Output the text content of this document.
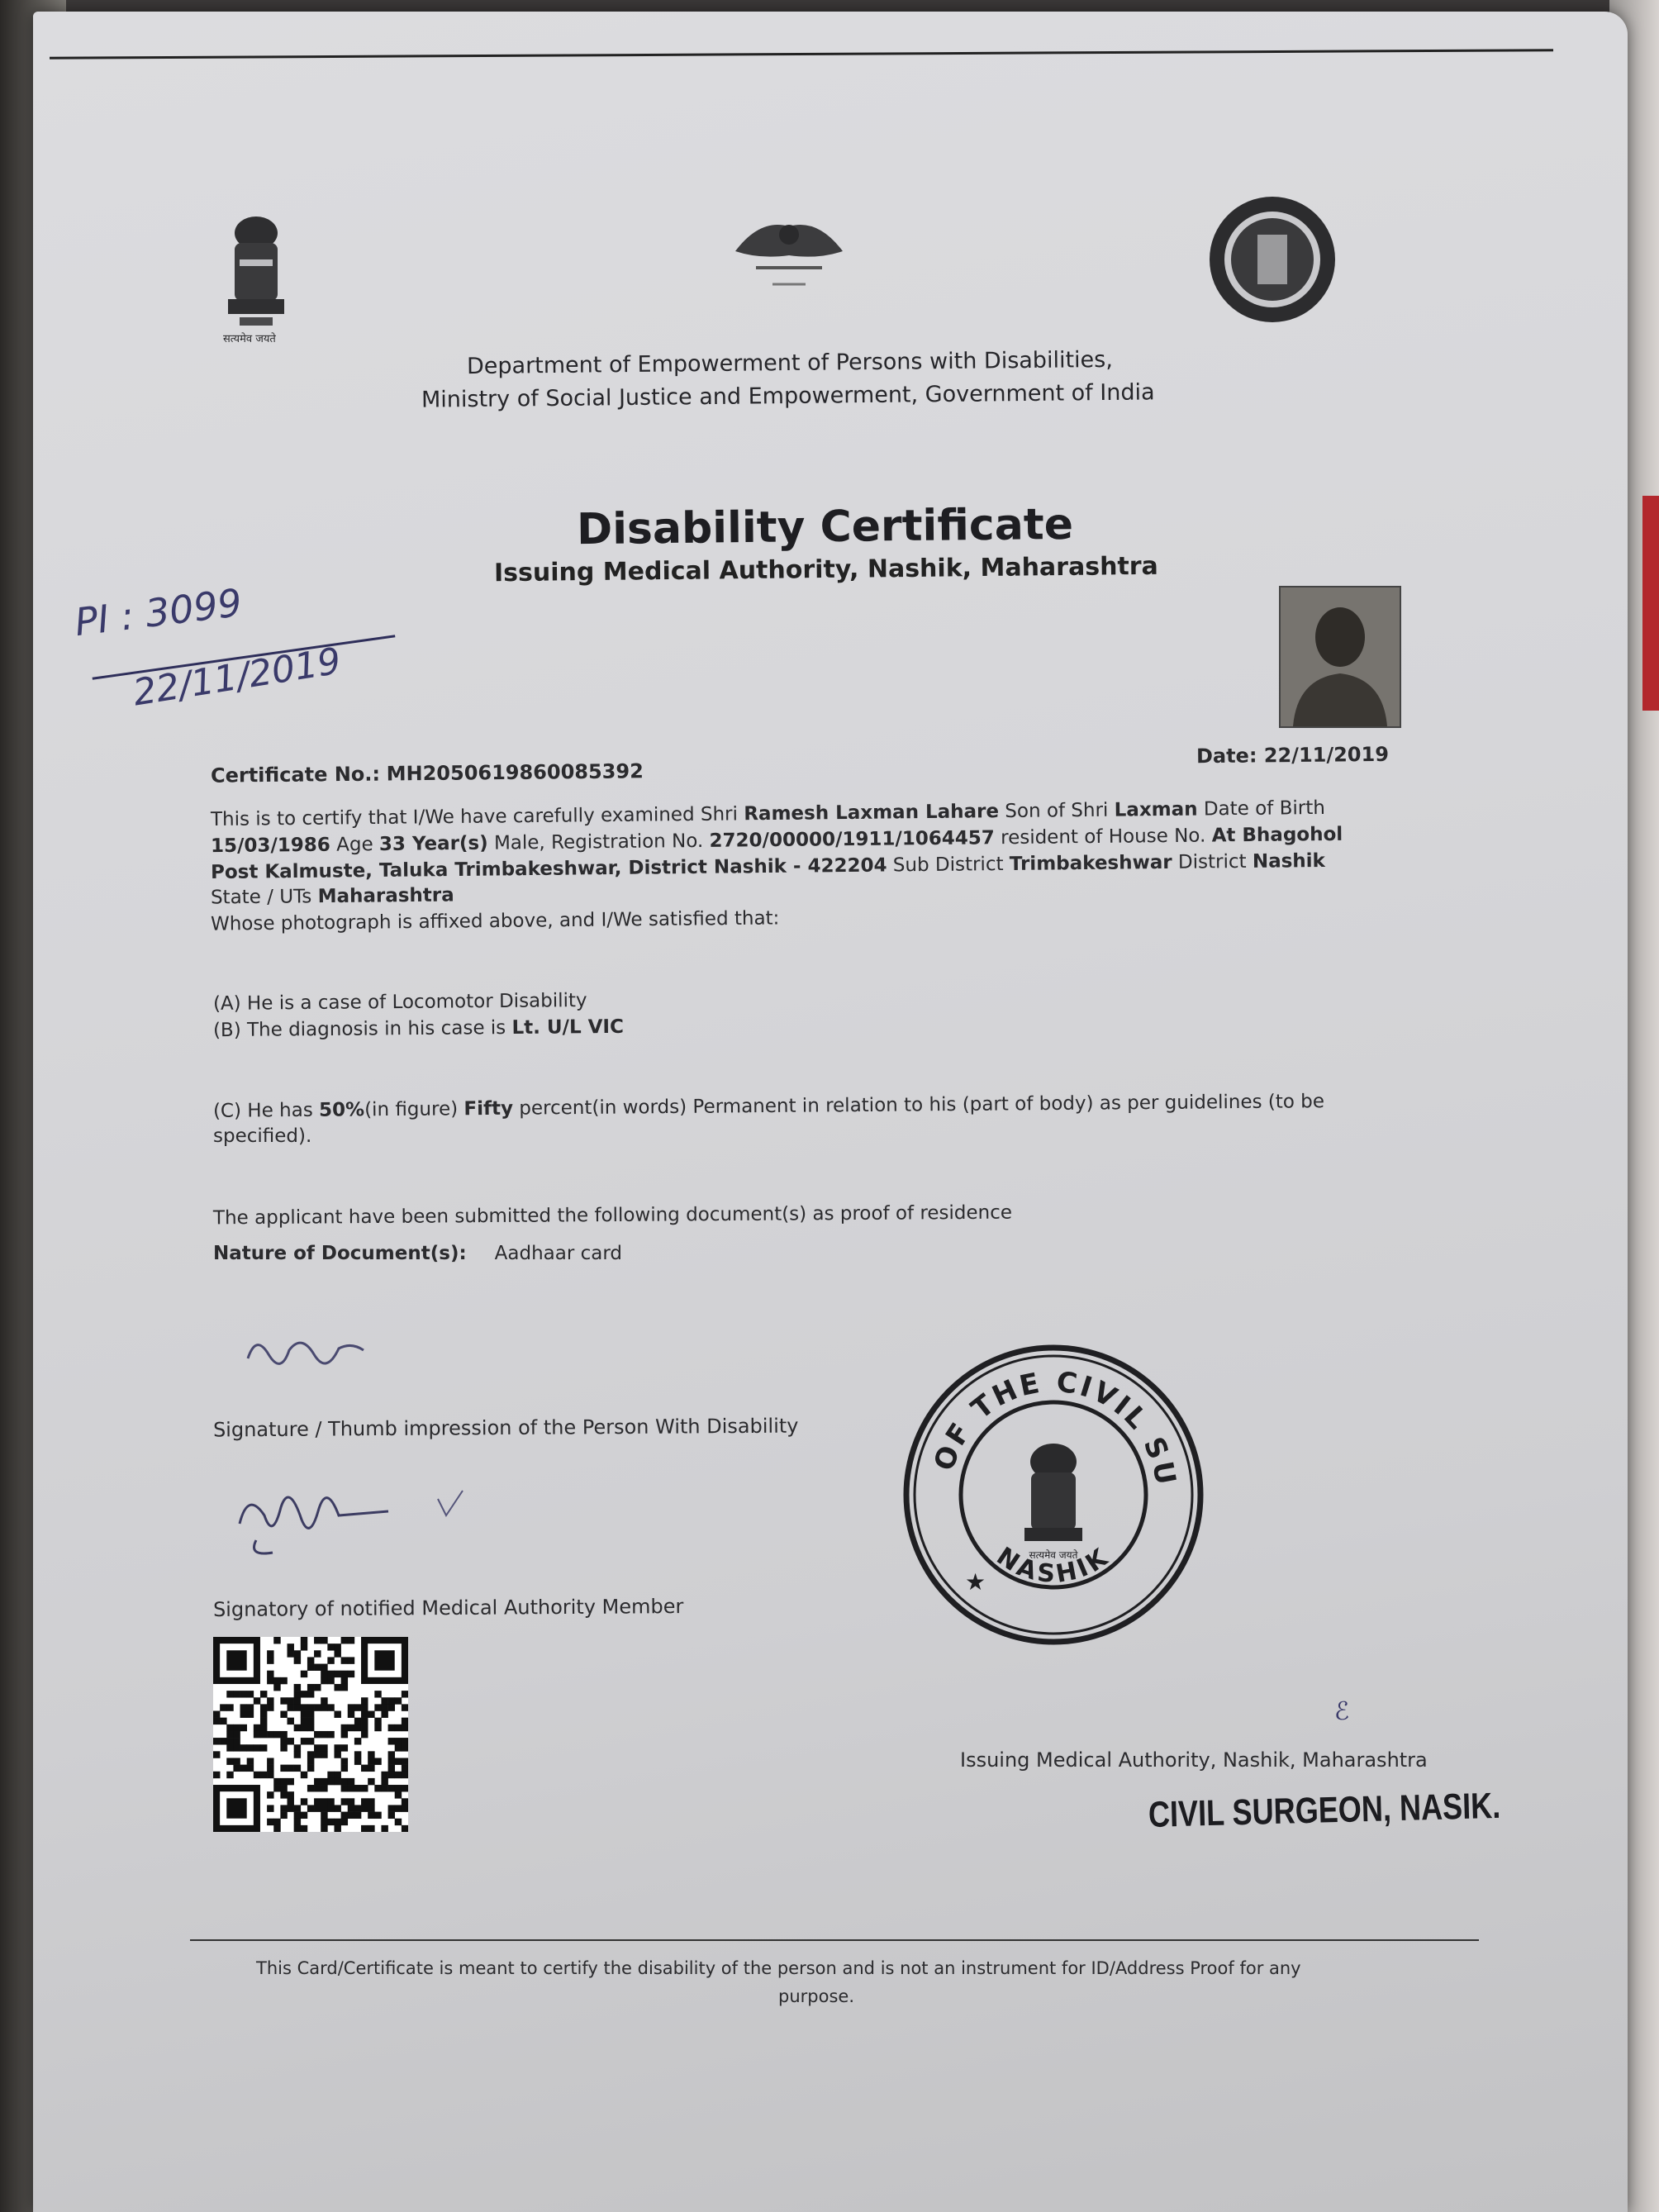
सत्यमेव जयते
Department of Empowerment of Persons with Disabilities,
Ministry of Social Justice and Empowerment, Government of India
Disability Certificate
Issuing Medical Authority, Nashik, Maharashtra
PI : 3099
22/11/2019
Date: 22/11/2019
Certificate No.: MH2050619860085392
This is to certify that I/We have carefully examined Shri Ramesh Laxman Lahare Son of Shri Laxman Date of Birth
15/03/1986 Age 33 Year(s) Male, Registration No. 2720/00000/1911/1064457 resident of House No. At Bhagohol
Post Kalmuste, Taluka Trimbakeshwar, District Nashik - 422204 Sub District Trimbakeshwar District Nashik
State / UTs Maharashtra
Whose photograph is affixed above, and I/We satisfied that:
(A) He is a case of Locomotor Disability
(B) The diagnosis in his case is Lt. U/L VIC
(C) He has 50%(in figure) Fifty percent(in words) Permanent in relation to his (part of body) as per guidelines (to be
specified).
The applicant have been submitted the following document(s) as proof of residence
Nature of Document(s): Aadhaar card
Signature / Thumb impression of the Person With Disability
Signatory of notified Medical Authority Member
OF THE CIVIL SU
NASHIK
सत्यमेव जयते
★
ℰ
Issuing Medical Authority, Nashik, Maharashtra
CIVIL SURGEON, NASIK.
This Card/Certificate is meant to certify the disability of the person and is not an instrument for ID/Address Proof for any
purpose.
